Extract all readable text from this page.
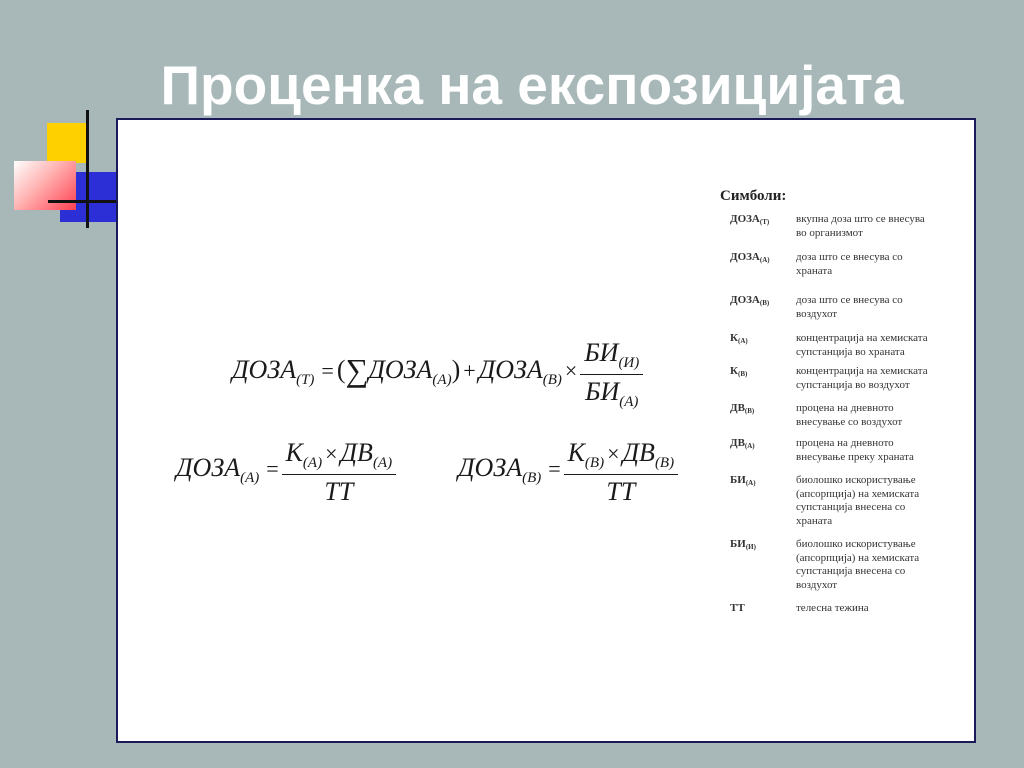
Проценка на експозицијата
ДОЗА(Т) = (∑ДОЗА(А)) + ДОЗА(В) × $\frac{БИ(И)}{БИ(А)}$
ДОЗА(А) = $\frac{К(А) \times ДВ(А)}{ТТ}$ ДОЗА(В) = $\frac{К(В) \times ДВ(В)}{ТТ}$
Симболи:
ДОЗА(Т)	вкупна доза што се внесува во организмот
ДОЗА(А)	доза што се внесува со храната
ДОЗА(В)	доза што се внесува со воздухот
К(А)	концентрација на хемиската супстанција во храната
К(В)	концентрација на хемиската супстанција во воздухот
ДВ(В)	процена на дневното внесување со воздухот
ДВ(А)	процена на дневното внесување преку храната
БИ(А)	биолошко искористување (апсорпција) на хемиската супстанција внесена со храната
БИ(И)	биолошко искористување (апсорпција) на хемиската супстанција внесена со воздухот
ТТ	телесна тежина
